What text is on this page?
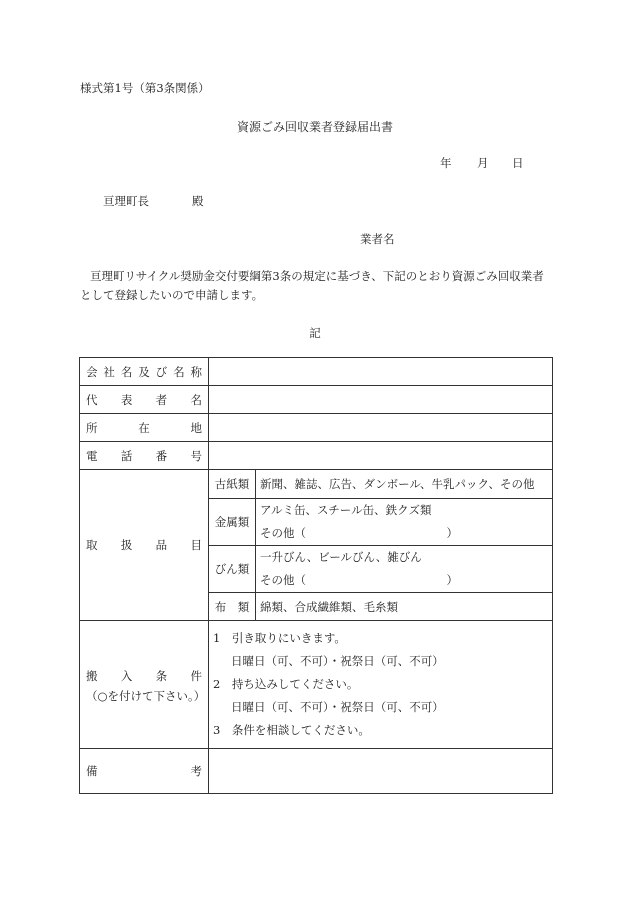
様式第1号（第3条関係）
資源ごみ回収業者登録届出書
年 月 日
亘理町長	殿
業者名
亘理町リサイクル奨励金交付要綱第3条の規定に基づき、下記のとおり資源ごみ回収業者
として登録したいので申請します。
記
会社名及び名称		
代表者名		
所在地		
電話番号		
取扱品目	古紙類	新聞、雑誌、広告、ダンボール、牛乳パック、その他
	金属類	アルミ缶、スチール缶、鉄クズ類
その他（ ）

	びん類	一升びん、ビールびん、雑びん
その他（ ）

	布　類	綿類、合成繊維類、毛糸類

搬入条件
（○を付けて下さい。）	1　引き取りにいきます。
日曜日（可、不可）・祝祭日（可、不可）
2　持ち込みしてください。
日曜日（可、不可）・祝祭日（可、不可）
3　条件を相談してください。	

備考		
